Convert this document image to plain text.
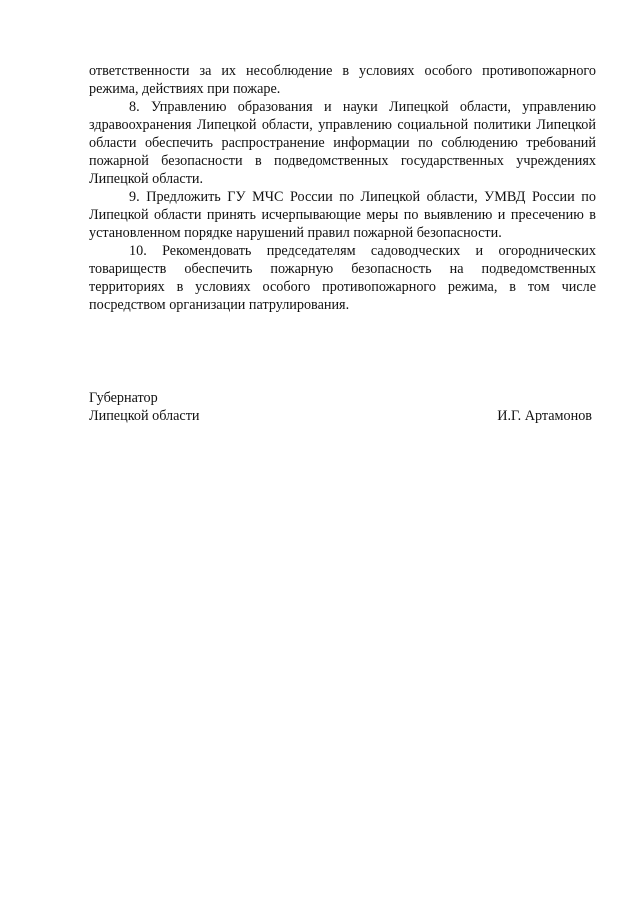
ответственности за их несоблюдение в условиях особого противопожарного режима, действиях при пожаре.

8. Управлению образования и науки Липецкой области, управлению здравоохранения Липецкой области, управлению социальной политики Липецкой области обеспечить распространение информации по соблюдению требований пожарной безопасности в подведомственных государственных учреждениях Липецкой области.

9. Предложить ГУ МЧС России по Липецкой области, УМВД России по Липецкой области принять исчерпывающие меры по выявлению и пресечению в установленном порядке нарушений правил пожарной безопасности.

10. Рекомендовать председателям садоводческих и огороднических товариществ обеспечить пожарную безопасность на подведомственных территориях в условиях особого противопожарного режима, в том числе посредством организации патрулирования.

Губернатор
Липецкой области	И.Г. Артамонов
